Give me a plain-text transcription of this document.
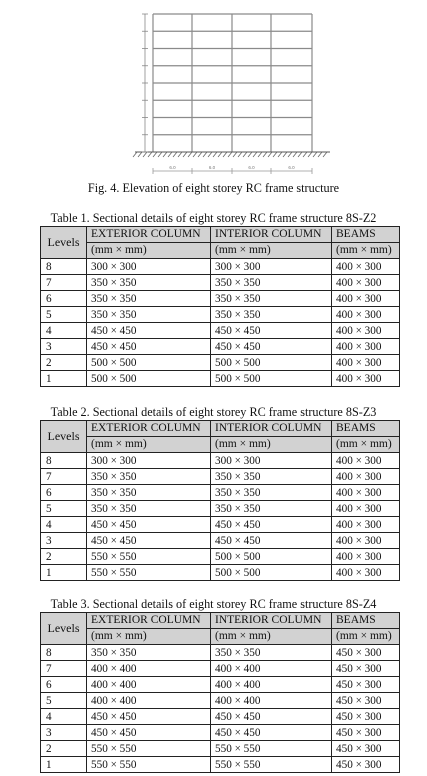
6.0	6.0	6.0	6.0
Fig. 4. Elevation of eight storey RC frame structure
Table 1. Sectional details of eight storey RC frame structure 8S-Z2
Levels	EXTERIOR COLUMN	INTERIOR COLUMN	BEAMS
	(mm × mm)	(mm × mm)	(mm × mm)
8	300 × 300	300 × 300	400 × 300
7	350 × 350	350 × 350	400 × 300
6	350 × 350	350 × 350	400 × 300
5	350 × 350	350 × 350	400 × 300
4	450 × 450	450 × 450	400 × 300
3	450 × 450	450 × 450	400 × 300
2	500 × 500	500 × 500	400 × 300
1	500 × 500	500 × 500	400 × 300
Table 2. Sectional details of eight storey RC frame structure 8S-Z3
Levels	EXTERIOR COLUMN	INTERIOR COLUMN	BEAMS
	(mm × mm)	(mm × mm)	(mm × mm)
8	300 × 300	300 × 300	400 × 300
7	350 × 350	350 × 350	400 × 300
6	350 × 350	350 × 350	400 × 300
5	350 × 350	350 × 350	400 × 300
4	450 × 450	450 × 450	400 × 300
3	450 × 450	450 × 450	400 × 300
2	550 × 550	500 × 500	400 × 300
1	550 × 550	500 × 500	400 × 300
Table 3. Sectional details of eight storey RC frame structure 8S-Z4
Levels	EXTERIOR COLUMN	INTERIOR COLUMN	BEAMS
	(mm × mm)	(mm × mm)	(mm × mm)
8	350 × 350	350 × 350	450 × 300
7	400 × 400	400 × 400	450 × 300
6	400 × 400	400 × 400	450 × 300
5	400 × 400	400 × 400	450 × 300
4	450 × 450	450 × 450	450 × 300
3	450 × 450	450 × 450	450 × 300
2	550 × 550	550 × 550	450 × 300
1	550 × 550	550 × 550	450 × 300
